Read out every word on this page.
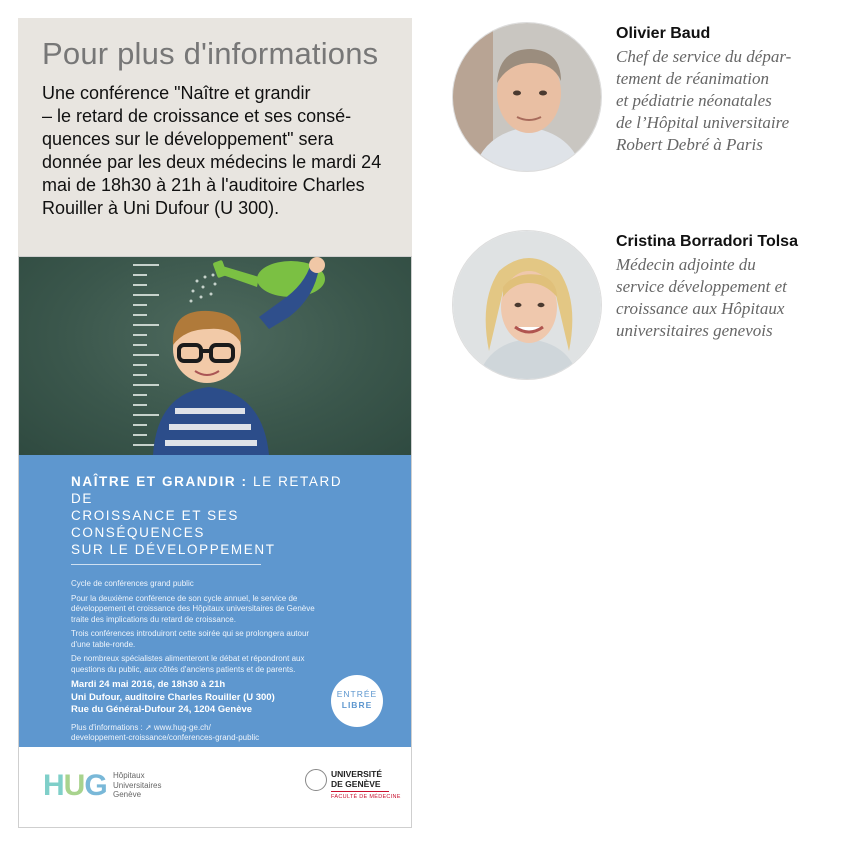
Pour plus d'informations
Une conférence "Naître et grandir
– le retard de croissance et ses consé-
quences sur le développement" sera
donnée par les deux médecins le mardi 24
mai de 18h30 à 21h à l'auditoire Charles
Rouiller à Uni Dufour (U 300).
NAÎTRE ET GRANDIR : LE RETARD DE
CROISSANCE ET SES CONSÉQUENCES
SUR LE DÉVELOPPEMENT
Cycle de conférences grand public
Pour la deuxième conférence de son cycle annuel, le service de
développement et croissance des Hôpitaux universitaires de Genève
traite des implications du retard de croissance.
Trois conférences introduiront cette soirée qui se prolongera autour
d'une table-ronde.
De nombreux spécialistes alimenteront le débat et répondront aux
questions du public, aux côtés d'anciens patients et de parents.
Mardi 24 mai 2016, de 18h30 à 21h
Uni Dufour, auditoire Charles Rouiller (U 300)
Rue du Général-Dufour 24, 1204 Genève
Plus d'informations : ➚ www.hug-ge.ch/
developpement-croissance/conferences-grand-public
ENTRÉE
LIBRE
HUG Hôpitaux
Universitaires
Genève
UNIVERSITÉ
DE GENÈVE
FACULTÉ DE MÉDECINE
Olivier Baud
Chef de service du dépar-
tement de réanimation
et pédiatrie néonatales
de l’Hôpital universitaire
Robert Debré à Paris
Cristina Borradori Tolsa
Médecin adjointe du
service développement et
croissance aux Hôpitaux
universitaires genevois
